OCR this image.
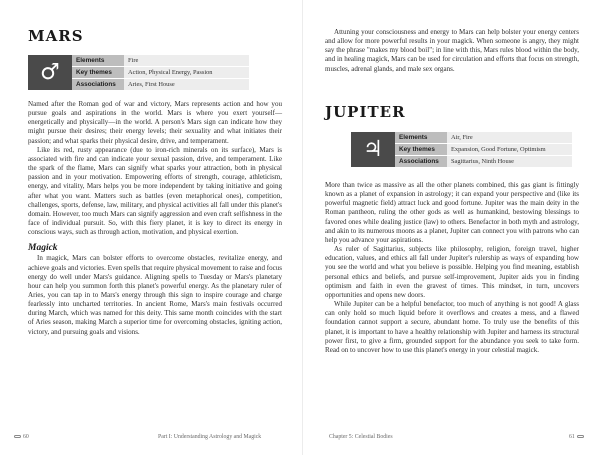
MARS
♂	Elements	Fire
Key themes	Action, Physical Energy, Passion
Associations	Aries, First House

Named after the Roman god of war and victory, Mars represents action and how you pursue goals and aspirations in the world. Mars is where you exert yourself—energetically and physically—in the world. A person's Mars sign can indicate how they might pursue their desires; their energy levels; their sexuality and what initiates their passion; and what sparks their physical desire, drive, and temperament.

Like its red, rusty appearance (due to iron-rich minerals on its surface), Mars is associated with fire and can indicate your sexual passion, drive, and temperament. Like the spark of the flame, Mars can signify what sparks your attraction, both in physical passion and in your motivation. Empowering efforts of strength, courage, athleticism, energy, and vitality, Mars helps you be more independent by taking initiative and going after what you want. Matters such as battles (even metaphorical ones), competition, challenges, sports, defense, law, military, and physical activities all fall under this planet's domain. However, too much Mars can signify aggression and even craft selfishness in the face of individual pursuit. So, with this fiery planet, it is key to direct its energy in conscious ways, such as through action, motivation, and physical exertion.

Magick

In magick, Mars can bolster efforts to overcome obstacles, revitalize energy, and achieve goals and victories. Even spells that require physical movement to raise and focus energy do well under Mars's guidance. Aligning spells to Tuesday or Mars's planetary hour can help you summon forth this planet's powerful energy. As the planetary ruler of Aries, you can tap in to Mars's energy through this sign to inspire courage and charge fearlessly into uncharted territories. In ancient Rome, Mars's main festivals occurred during March, which was named for this deity. This same month coincides with the start of Aries season, making March a superior time for overcoming obstacles, igniting action, victory, and pursuing goals and visions.

60	Part I: Understanding Astrology and Magick

Attuning your consciousness and energy to Mars can help bolster your energy centers and allow for more powerful results in your magick. When someone is angry, they might say the phrase "makes my blood boil"; in line with this, Mars rules blood within the body, and in healing magick, Mars can be used for circulation and efforts that focus on strength, muscles, adrenal glands, and male sex organs.

JUPITER
♃	Elements	Air, Fire
Key themes	Expansion, Good Fortune, Optimism
Associations	Sagittarius, Ninth House

More than twice as massive as all the other planets combined, this gas giant is fittingly known as a planet of expansion in astrology; it can expand your perspective and (like its powerful magnetic field) attract luck and good fortune. Jupiter was the main deity in the Roman pantheon, ruling the other gods as well as humankind, bestowing blessings to favored ones while dealing justice (law) to others. Benefactor in both myth and astrology, and akin to its numerous moons as a planet, Jupiter can connect you with patrons who can help you advance your aspirations.

As ruler of Sagittarius, subjects like philosophy, religion, foreign travel, higher education, values, and ethics all fall under Jupiter's rulership as ways of expanding how you see the world and what you believe is possible. Helping you find meaning, establish personal ethics and beliefs, and pursue self-improvement, Jupiter aids you in finding optimism and faith in even the gravest of times. This mindset, in turn, uncovers opportunities and opens new doors.

While Jupiter can be a helpful benefactor, too much of anything is not good! A glass can only hold so much liquid before it overflows and creates a mess, and a flawed foundation cannot support a secure, abundant home. To truly use the benefits of this planet, it is important to have a healthy relationship with Jupiter and harness its structural power first, to give a firm, grounded support for the abundance you seek to take form. Read on to uncover how to use this planet's energy in your celestial magick.

Chapter 5: Celestial Bodies	61
